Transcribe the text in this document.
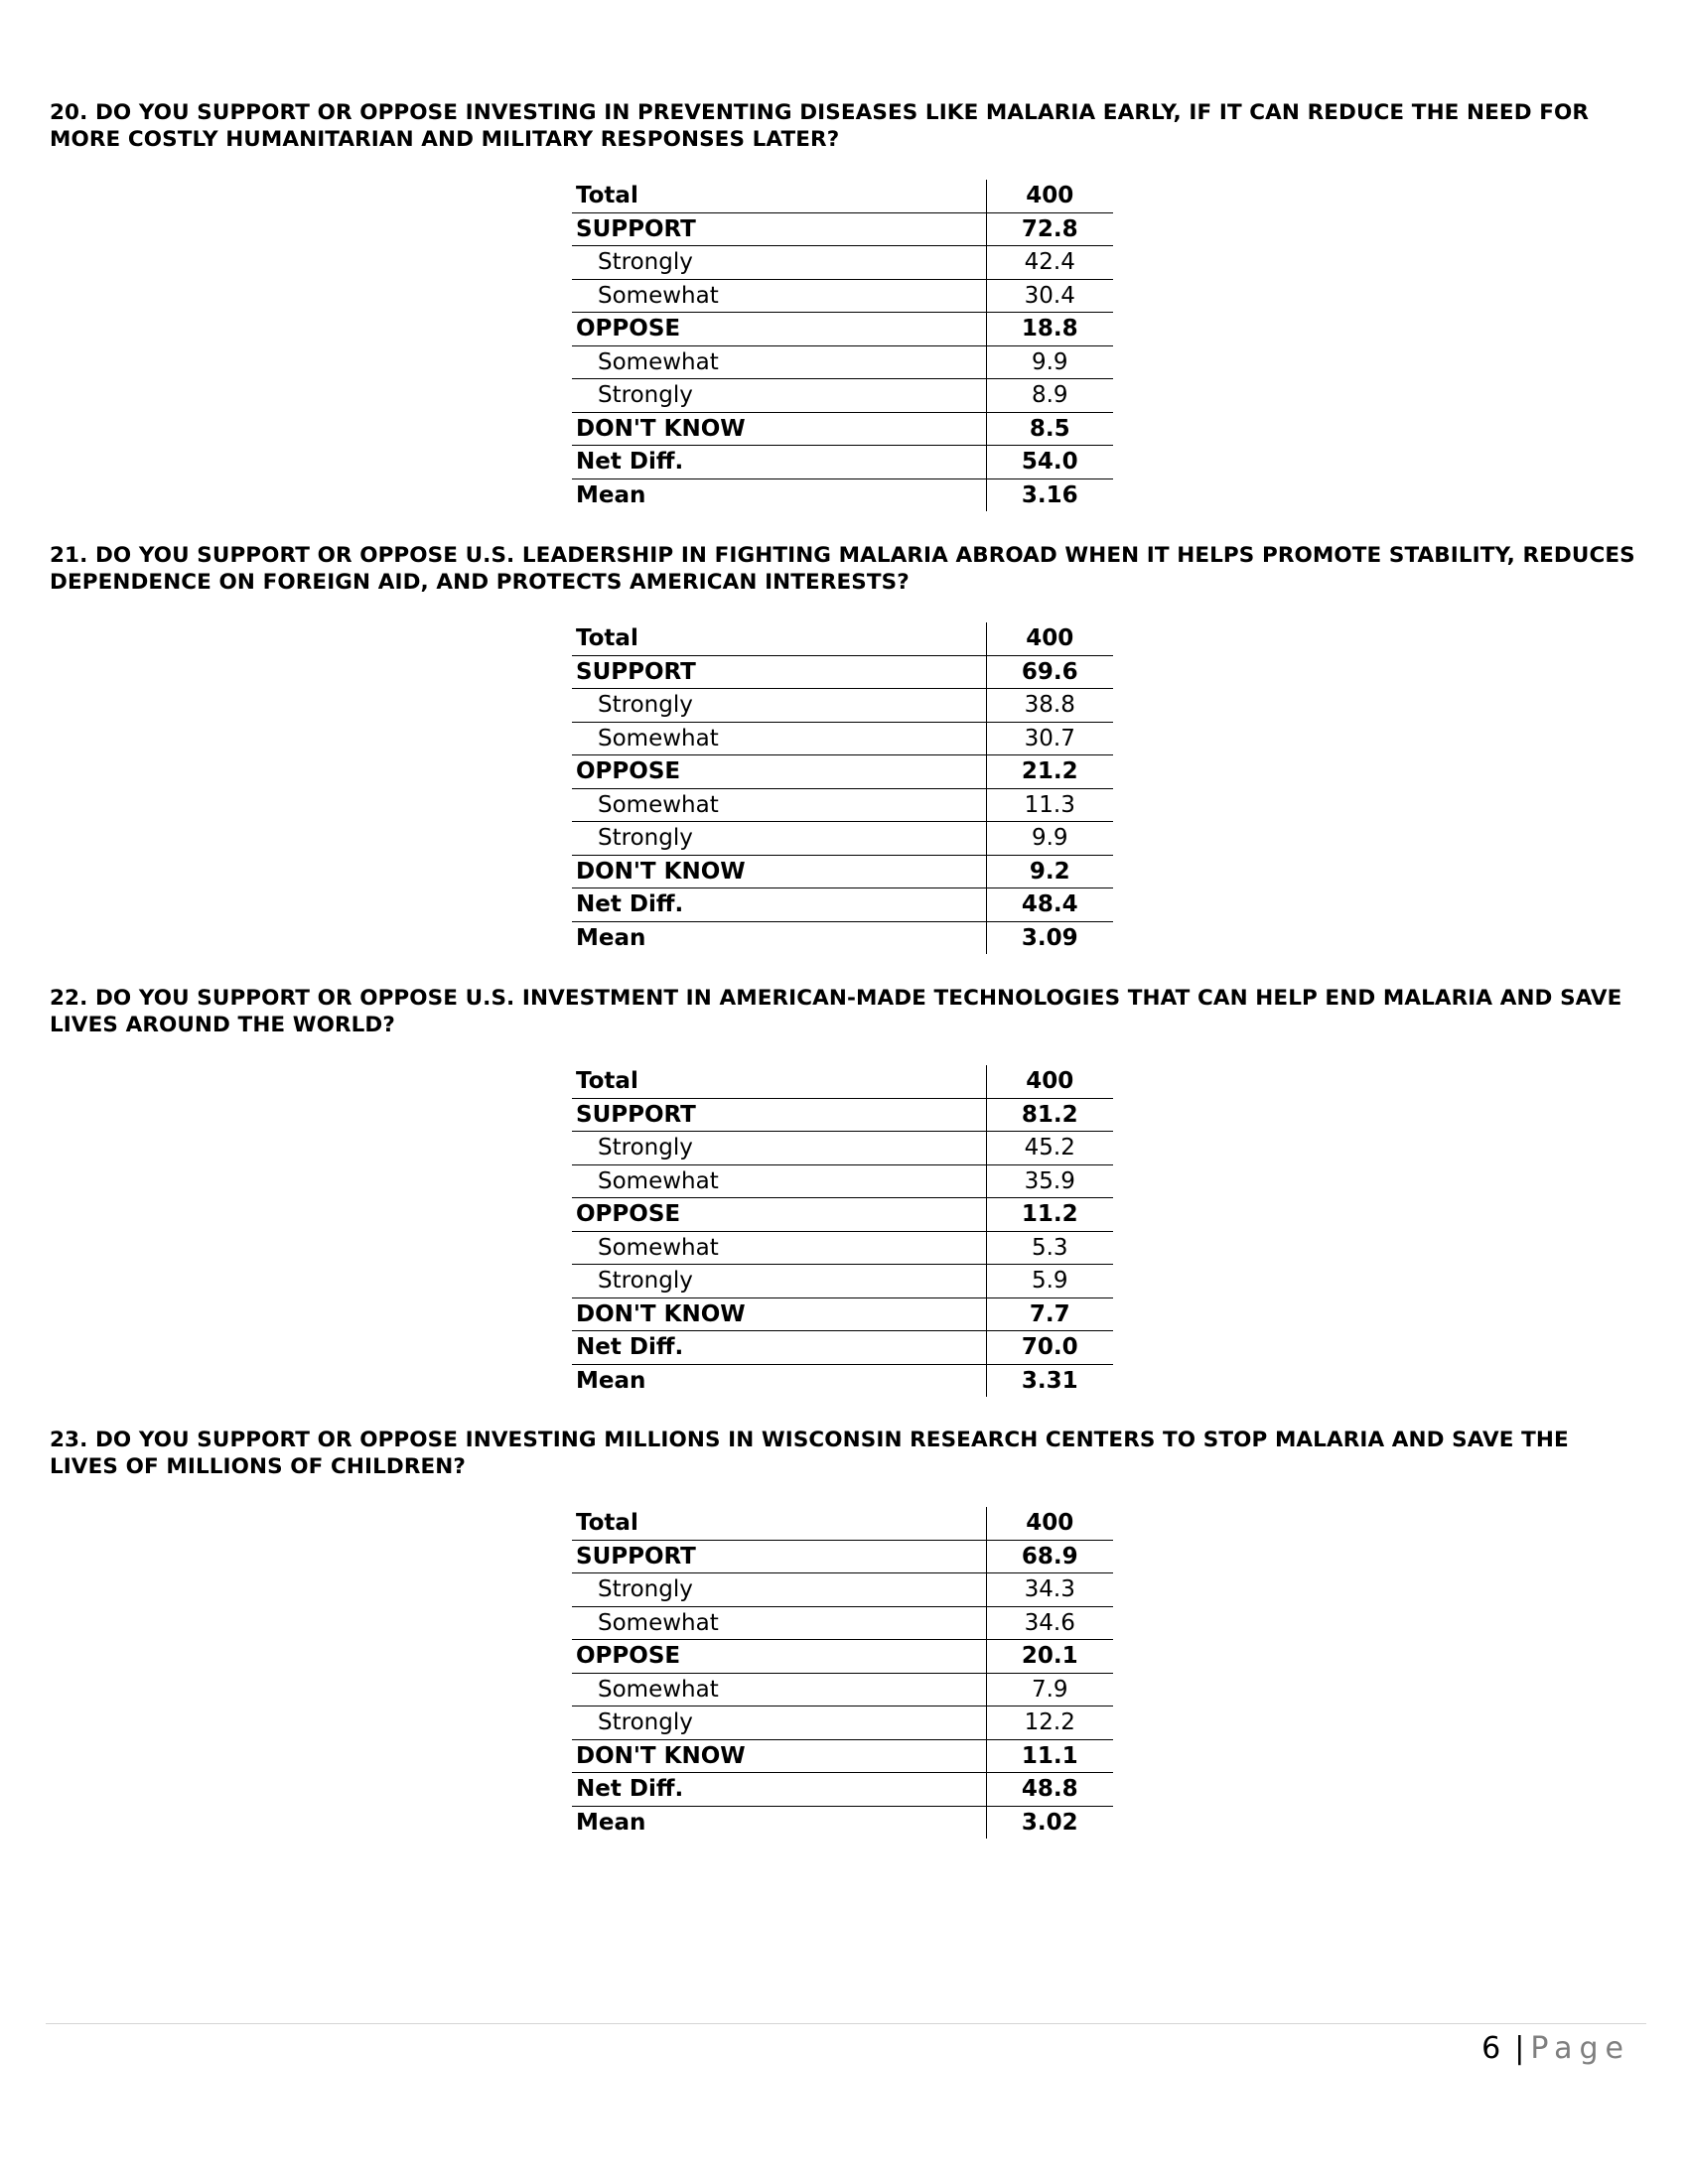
20. DO YOU SUPPORT OR OPPOSE INVESTING IN PREVENTING DISEASES LIKE MALARIA EARLY, IF IT CAN REDUCE THE NEED FOR MORE COSTLY HUMANITARIAN AND MILITARY RESPONSES LATER?

Total	400
SUPPORT	72.8
Strongly	42.4
Somewhat	30.4
OPPOSE	18.8
Somewhat	9.9
Strongly	8.9
DON'T KNOW	8.5
Net Diff.	54.0
Mean	3.16

21. DO YOU SUPPORT OR OPPOSE U.S. LEADERSHIP IN FIGHTING MALARIA ABROAD WHEN IT HELPS PROMOTE STABILITY, REDUCES DEPENDENCE ON FOREIGN AID, AND PROTECTS AMERICAN INTERESTS?

Total	400
SUPPORT	69.6
Strongly	38.8
Somewhat	30.7
OPPOSE	21.2
Somewhat	11.3
Strongly	9.9
DON'T KNOW	9.2
Net Diff.	48.4
Mean	3.09

22. DO YOU SUPPORT OR OPPOSE U.S. INVESTMENT IN AMERICAN-MADE TECHNOLOGIES THAT CAN HELP END MALARIA AND SAVE LIVES AROUND THE WORLD?

Total	400
SUPPORT	81.2
Strongly	45.2
Somewhat	35.9
OPPOSE	11.2
Somewhat	5.3
Strongly	5.9
DON'T KNOW	7.7
Net Diff.	70.0
Mean	3.31

23. DO YOU SUPPORT OR OPPOSE INVESTING MILLIONS IN WISCONSIN RESEARCH CENTERS TO STOP MALARIA AND SAVE THE LIVES OF MILLIONS OF CHILDREN?

Total	400
SUPPORT	68.9
Strongly	34.3
Somewhat	34.6
OPPOSE	20.1
Somewhat	7.9
Strongly	12.2
DON'T KNOW	11.1
Net Diff.	48.8
Mean	3.02
6 | Page
